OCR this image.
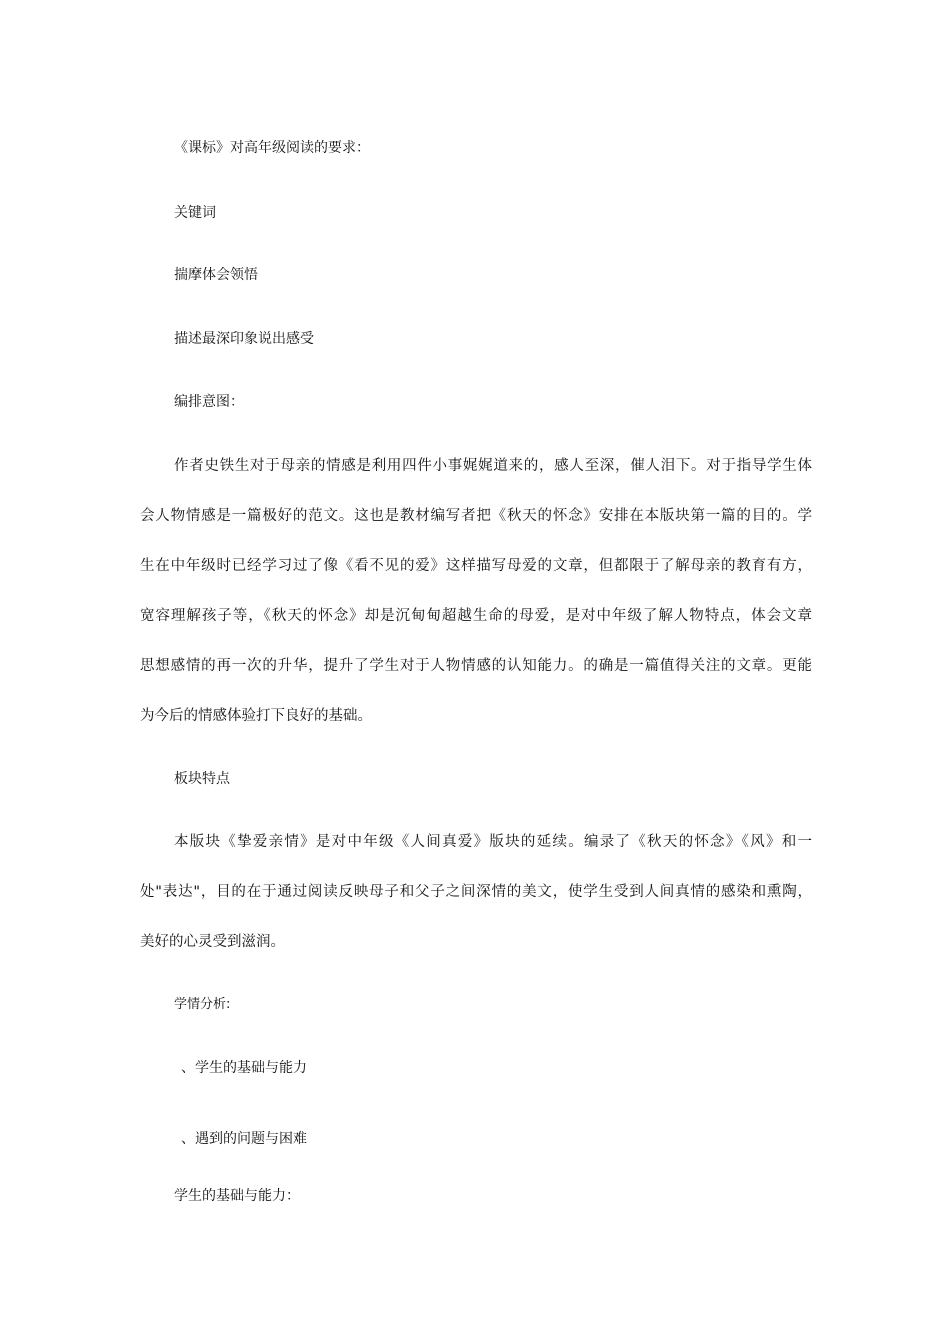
《课标》对高年级阅读的要求：
关键词
揣摩体会领悟
描述最深印象说出感受
编排意图：
作者史铁生对于母亲的情感是利用四件小事娓娓道来的，感人至深，催人泪下。对于指导学生体
会人物情感是一篇极好的范文。这也是教材编写者把《秋天的怀念》安排在本版块第一篇的目的。学
生在中年级时已经学习过了像《看不见的爱》这样描写母爱的文章，但都限于了解母亲的教育有方，
宽容理解孩子等，《秋天的怀念》却是沉甸甸超越生命的母爱，是对中年级了解人物特点，体会文章
思想感情的再一次的升华，提升了学生对于人物情感的认知能力。的确是一篇值得关注的文章。更能
为今后的情感体验打下良好的基础。
板块特点
本版块《挚爱亲情》是对中年级《人间真爱》版块的延续。编录了《秋天的怀念》《风》和一
处"表达"，目的在于通过阅读反映母子和父子之间深情的美文，使学生受到人间真情的感染和熏陶，
美好的心灵受到滋润。
学情分析:
、学生的基础与能力
、遇到的问题与困难
学生的基础与能力：
